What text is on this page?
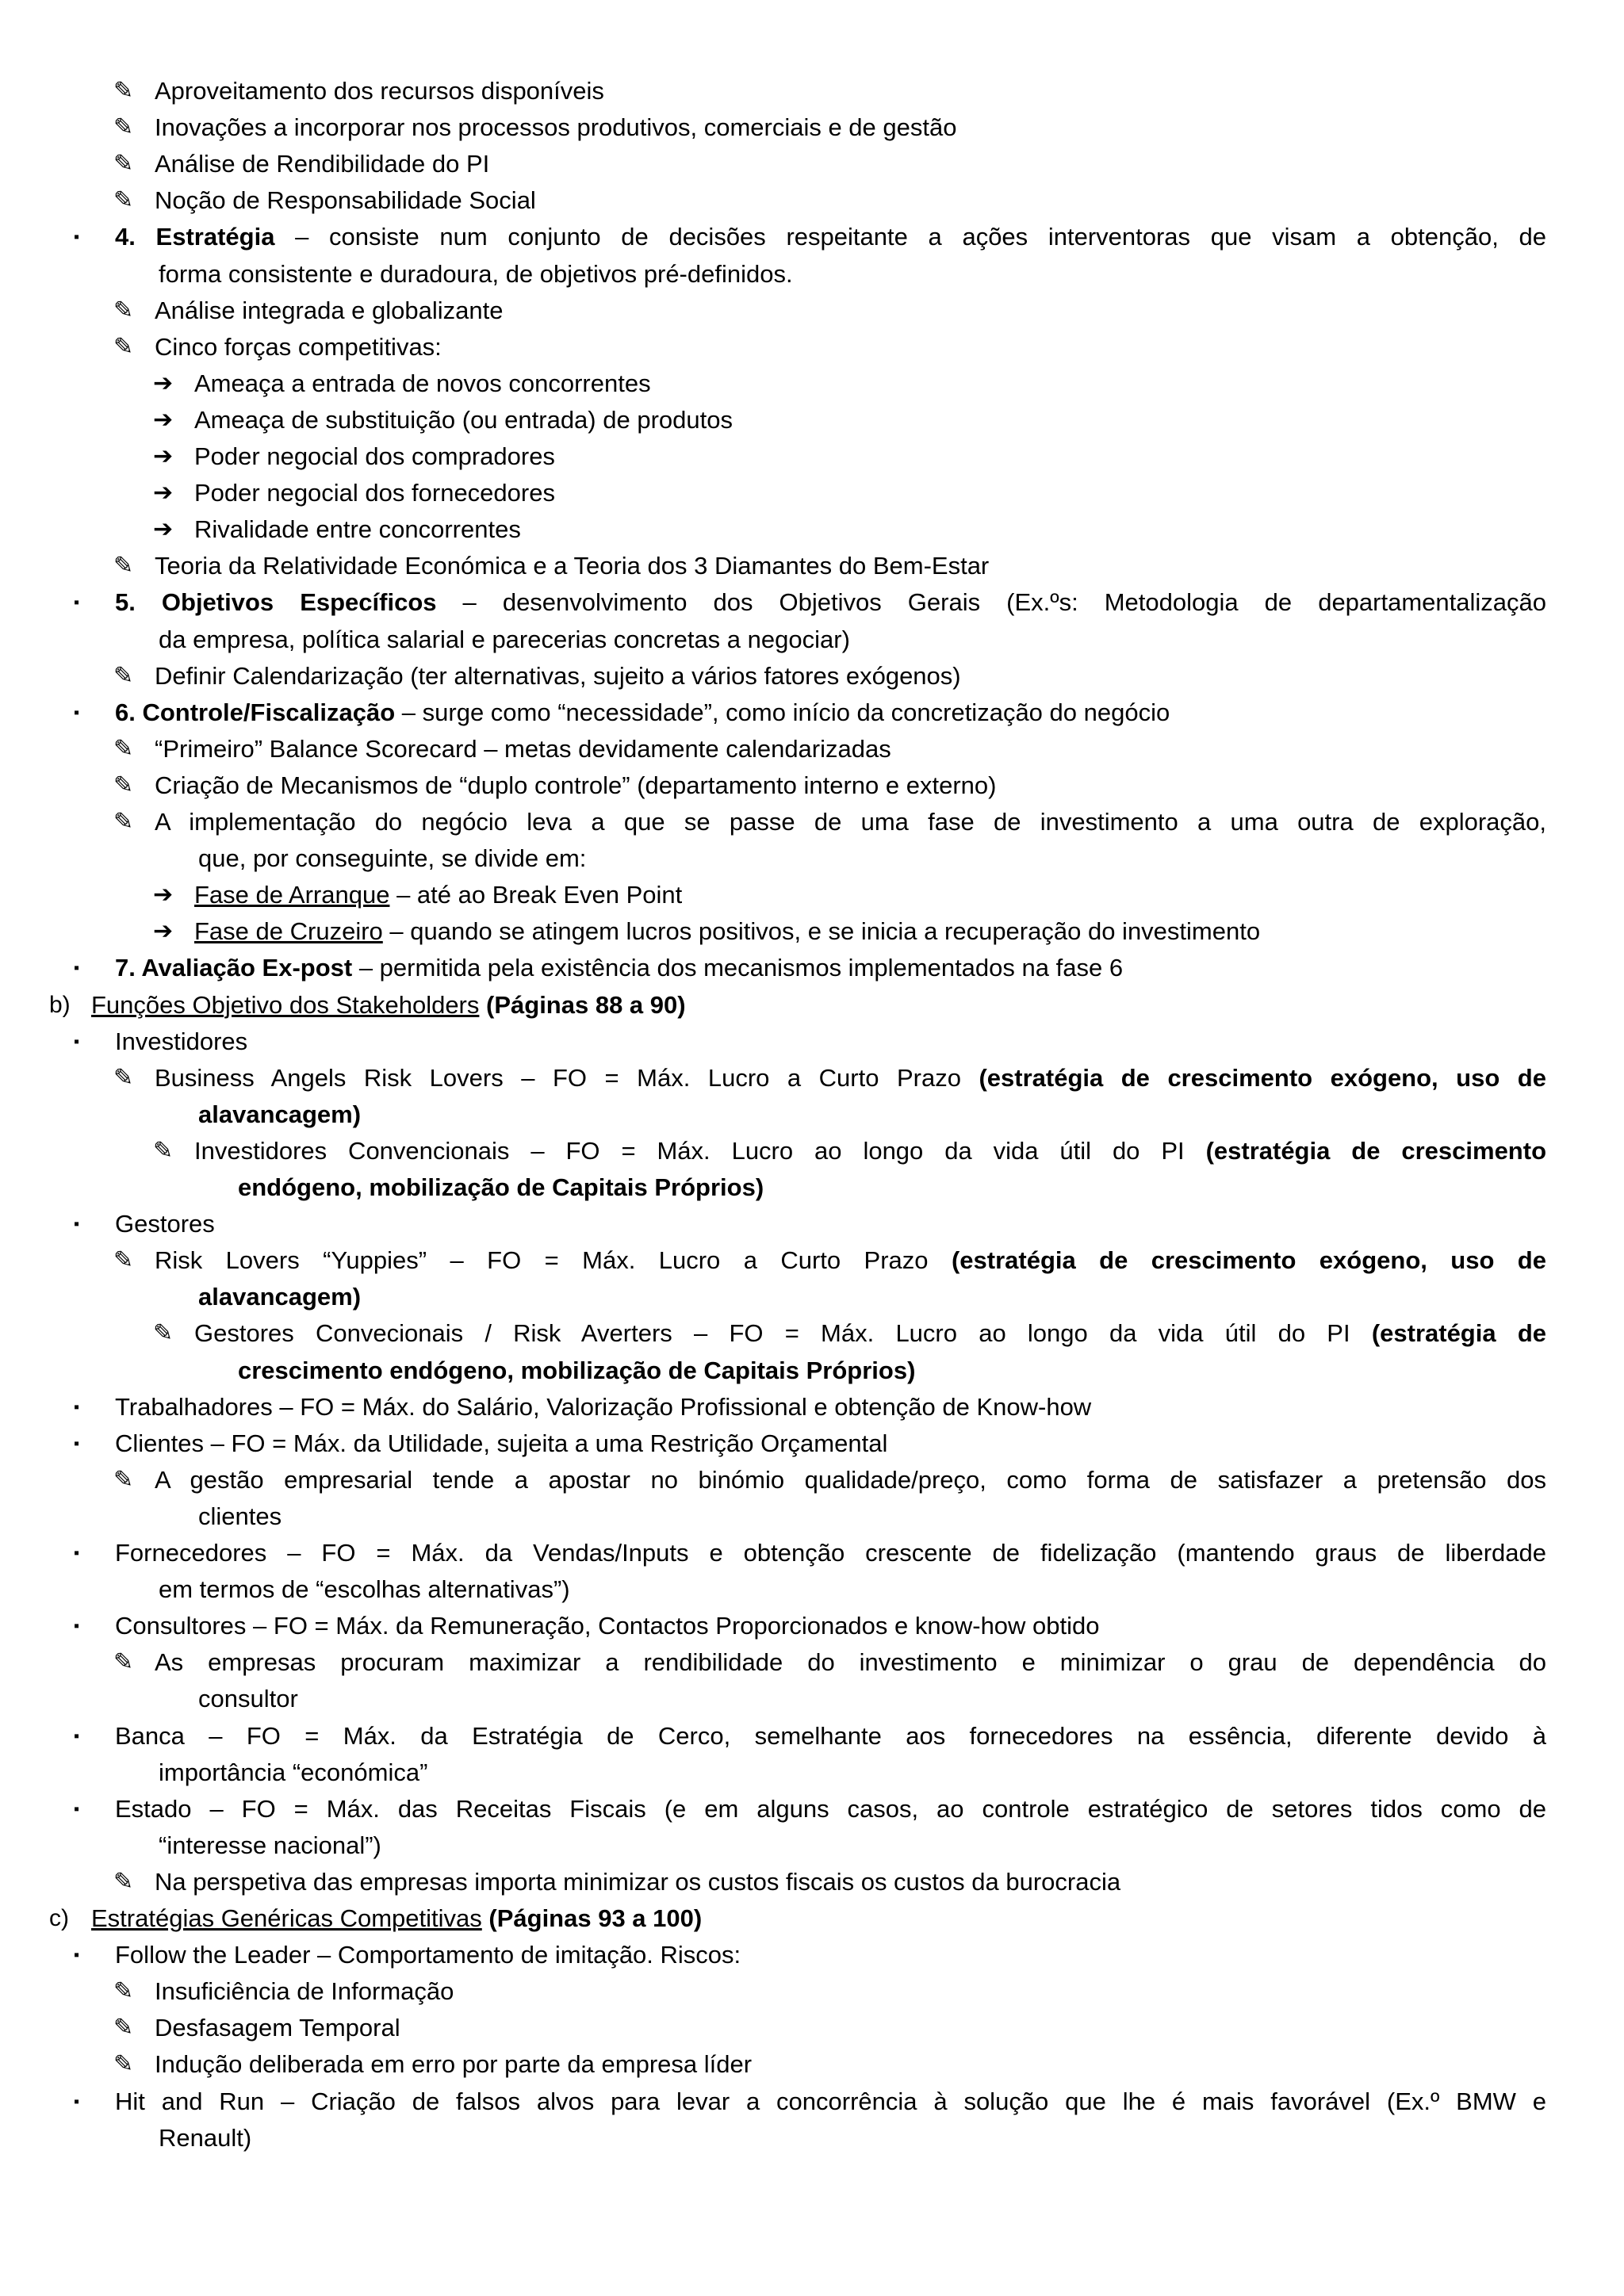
✎ Aproveitamento dos recursos disponíveis
✎ Inovações a incorporar nos processos produtivos, comerciais e de gestão
✎ Análise de Rendibilidade do PI
✎ Noção de Responsabilidade Social
▪ 4. Estratégia – consiste num conjunto de decisões respeitante a ações interventoras que visam a obtenção, de
forma consistente e duradoura, de objetivos pré-definidos.
✎ Análise integrada e globalizante
✎ Cinco forças competitivas:
➔ Ameaça a entrada de novos concorrentes
➔ Ameaça de substituição (ou entrada) de produtos
➔ Poder negocial dos compradores
➔ Poder negocial dos fornecedores
➔ Rivalidade entre concorrentes
✎ Teoria da Relatividade Económica e a Teoria dos 3 Diamantes do Bem-Estar
▪ 5. Objetivos Específicos – desenvolvimento dos Objetivos Gerais (Ex.ºs: Metodologia de departamentalização
da empresa, política salarial e parecerias concretas a negociar)
✎ Definir Calendarização (ter alternativas, sujeito a vários fatores exógenos)
▪ 6. Controle/Fiscalização – surge como “necessidade”, como início da concretização do negócio
✎ “Primeiro” Balance Scorecard – metas devidamente calendarizadas
✎ Criação de Mecanismos de “duplo controle” (departamento interno e externo)
✎ A implementação do negócio leva a que se passe de uma fase de investimento a uma outra de exploração,
que, por conseguinte, se divide em:
➔ Fase de Arranque – até ao Break Even Point
➔ Fase de Cruzeiro – quando se atingem lucros positivos, e se inicia a recuperação do investimento
▪ 7. Avaliação Ex-post – permitida pela existência dos mecanismos implementados na fase 6
b) Funções Objetivo dos Stakeholders (Páginas 88 a 90)
▪ Investidores
✎ Business Angels Risk Lovers – FO = Máx. Lucro a Curto Prazo (estratégia de crescimento exógeno, uso de
alavancagem)
✎ Investidores Convencionais – FO = Máx. Lucro ao longo da vida útil do PI (estratégia de crescimento
endógeno, mobilização de Capitais Próprios)
▪ Gestores
✎ Risk Lovers “Yuppies” – FO = Máx. Lucro a Curto Prazo (estratégia de crescimento exógeno, uso de
alavancagem)
✎ Gestores Convecionais / Risk Averters – FO = Máx. Lucro ao longo da vida útil do PI (estratégia de
crescimento endógeno, mobilização de Capitais Próprios)
▪ Trabalhadores – FO = Máx. do Salário, Valorização Profissional e obtenção de Know-how
▪ Clientes – FO = Máx. da Utilidade, sujeita a uma Restrição Orçamental
✎ A gestão empresarial tende a apostar no binómio qualidade/preço, como forma de satisfazer a pretensão dos
clientes
▪ Fornecedores – FO = Máx. da Vendas/Inputs e obtenção crescente de fidelização (mantendo graus de liberdade
em termos de “escolhas alternativas”)
▪ Consultores – FO = Máx. da Remuneração, Contactos Proporcionados e know-how obtido
✎ As empresas procuram maximizar a rendibilidade do investimento e minimizar o grau de dependência do
consultor
▪ Banca – FO = Máx. da Estratégia de Cerco, semelhante aos fornecedores na essência, diferente devido à
importância “económica”
▪ Estado – FO = Máx. das Receitas Fiscais (e em alguns casos, ao controle estratégico de setores tidos como de
“interesse nacional”)
✎ Na perspetiva das empresas importa minimizar os custos fiscais os custos da burocracia
c) Estratégias Genéricas Competitivas (Páginas 93 a 100)
▪ Follow the Leader – Comportamento de imitação. Riscos:
✎ Insuficiência de Informação
✎ Desfasagem Temporal
✎ Indução deliberada em erro por parte da empresa líder
▪ Hit and Run – Criação de falsos alvos para levar a concorrência à solução que lhe é mais favorável (Ex.º BMW e
Renault)
